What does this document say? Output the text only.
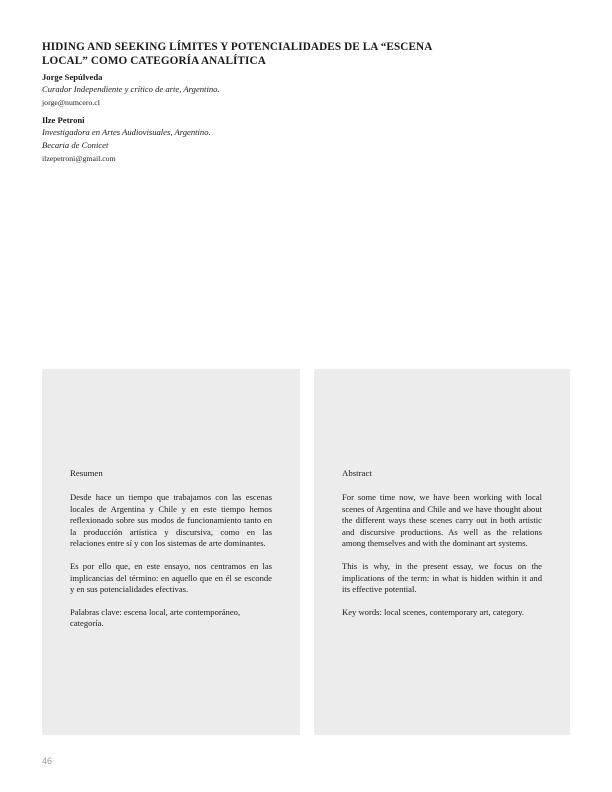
HIDING AND SEEKING LÍMITES Y POTENCIALIDADES DE LA “ESCENA LOCAL” COMO CATEGORÍA ANALÍTICA
Jorge Sepúlveda
Curador Independiente y crítico de arte, Argentino.
jorge@numcero.cl
Ilze Petroni
Investigadora en Artes Audiovisuales, Argentino.
Becaria de Conicet
ilzepetroni@gmail.com

Resumen

Desde hace un tiempo que trabajamos con las escenas locales de Argentina y Chile y en este tiempo hemos reflexionado sobre sus modos de funcionamiento tanto en la producción artística y discursiva, como en las relaciones entre sí y con los sistemas de arte dominantes.

Es por ello que, en este ensayo, nos centramos en las implicancias del término: en aquello que en él se esconde y en sus potencialidades efectivas.

Palabras clave: escena local, arte contemporáneo, categoría.

Abstract

For some time now, we have been working with local scenes of Argentina and Chile and we have thought about the different ways these scenes carry out in both artistic and discursive productions. As well as the relations among themselves and with the dominant art systems.

This is why, in the present essay, we focus on the implications of the term: in what is hidden within it and its effective potential.

Key words: local scenes, contemporary art, category.

46
